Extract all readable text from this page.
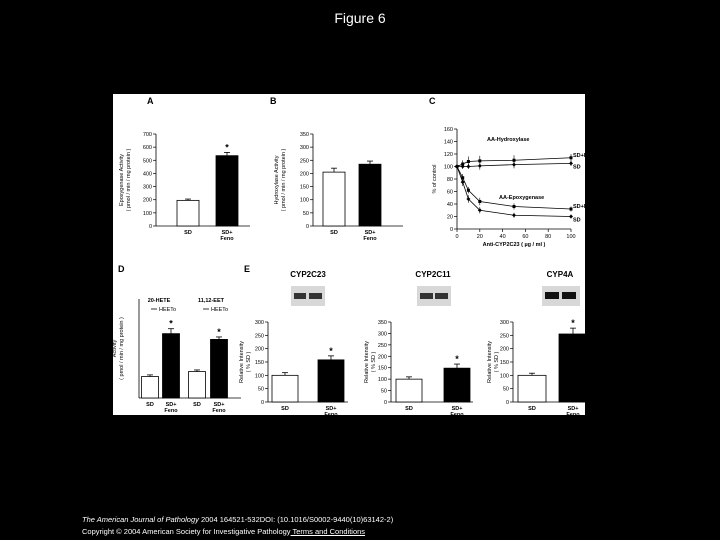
Figure 6
A	B	C
D	E
CYP2C23	CYP2C11	CYP4A
0
100
200
300
400
500
600
700
Epoxygenase Activity ( pmol / min / mg protein )
SD
*
SD+
Feno
0
50
100
150
200
250
300
350
Hydroxylase Activity ( pmol / min / mg protein )
SD	SD+
Feno
Activity ( pmol / min / mg protein )
SD
*
SD+
Feno
SD
*
SD+
Feno
0
50
100
150
200
250
300
Relative Intensity ( % SD )
SD
*
SD+
Feno
0
50
100
150
200
250
300
350
Relative Intensity ( % SD )
SD
*
SD+
Feno
0
50
100
150
200
250
300
Relative Intensity ( % SD )
SD
*
SD+
Feno
20-HETE	11,12-EET
HEETo	HEETo
0
20
40
60
80
100
120
140
160
0	20	40	60	80	100
% of control
Anti-CYP2C23 ( µg / ml )
AA-Hydroxylase
AA-Epoxygenase
SD+Feno
SD
SD+Feno
SD
The American Journal of Pathology 2004 164521-532DOI: (10.1016/S0002-9440(10)63142-2)
Copyright © 2004 American Society for Investigative Pathology Terms and Conditions
